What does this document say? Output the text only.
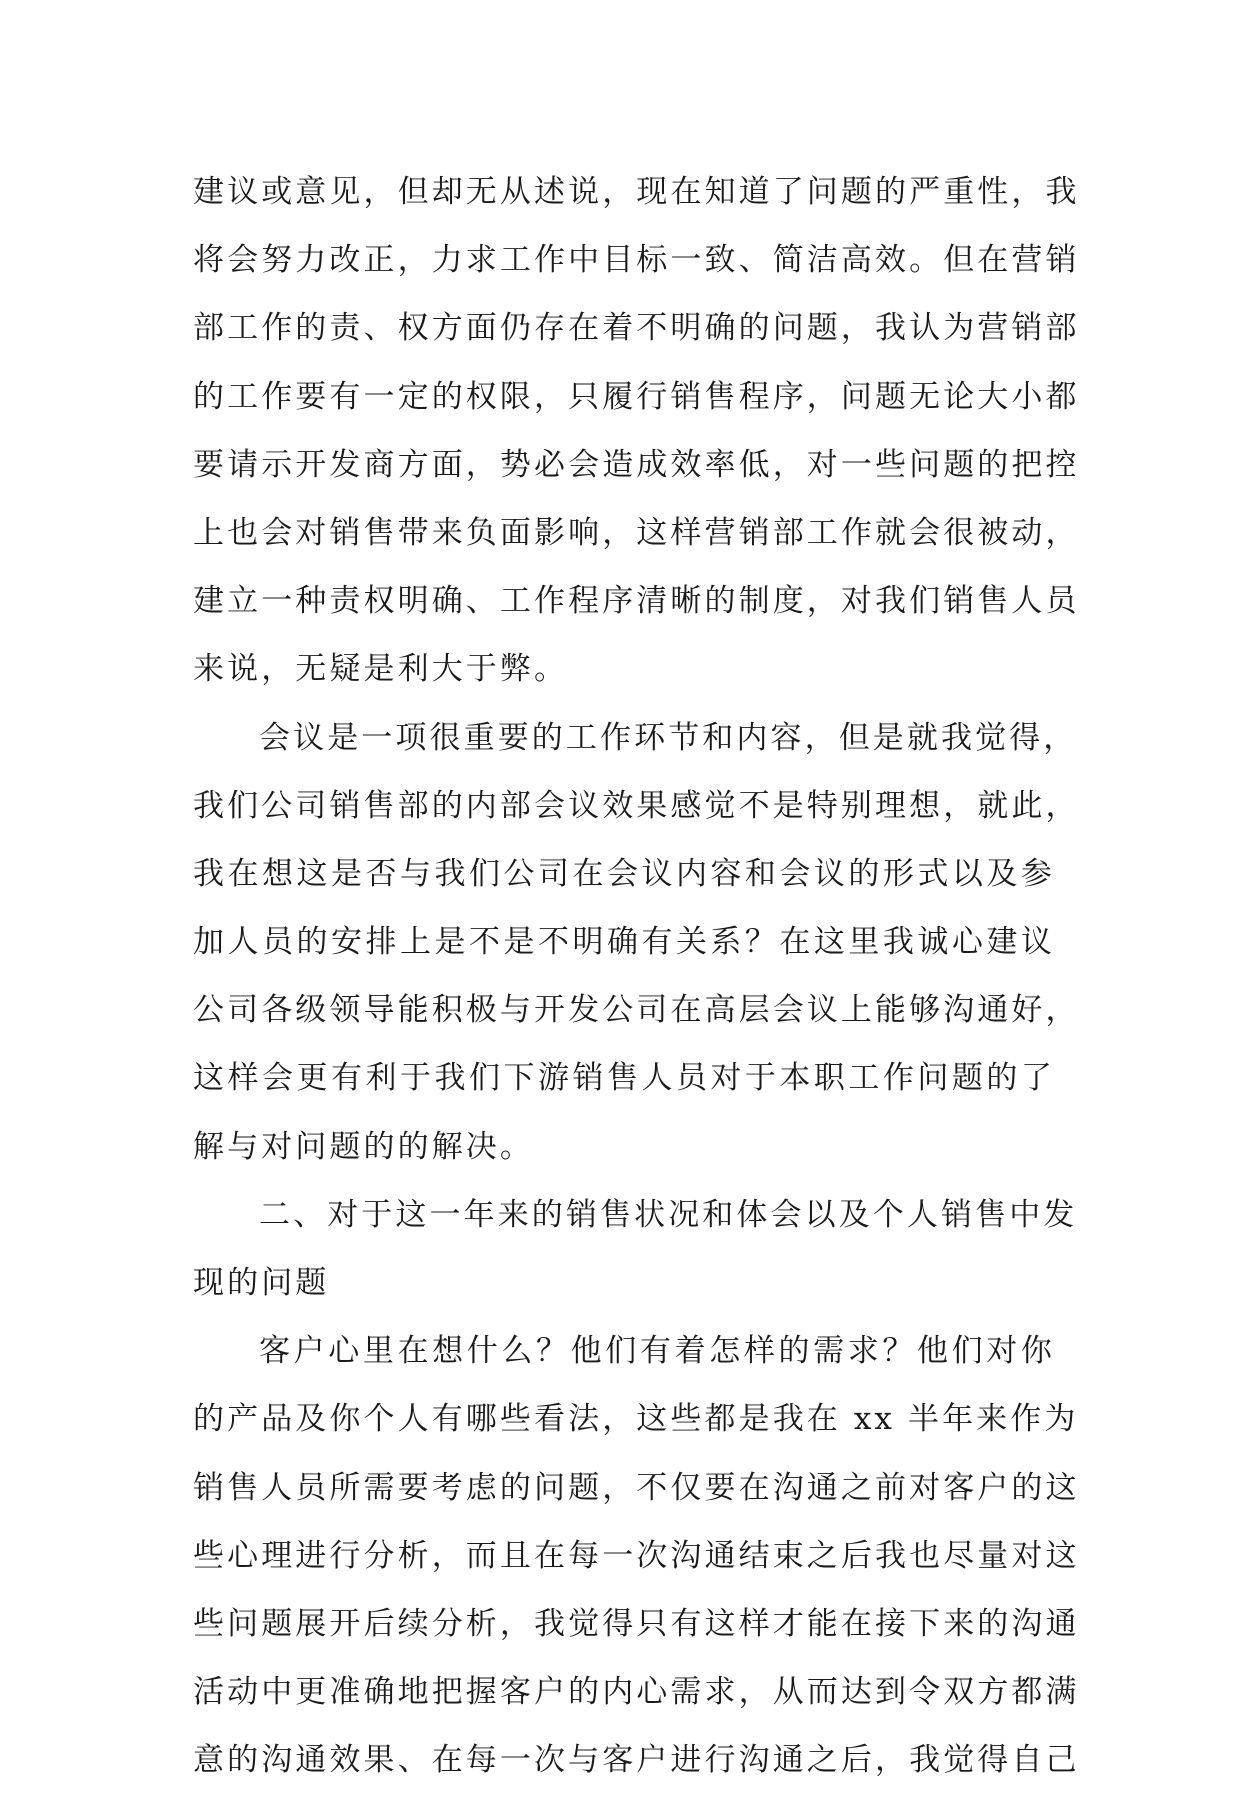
建议或意见，但却无从述说，现在知道了问题的严重性，我
将会努力改正，力求工作中目标一致、简洁高效。但在营销
部工作的责、权方面仍存在着不明确的问题，我认为营销部
的工作要有一定的权限，只履行销售程序，问题无论大小都
要请示开发商方面，势必会造成效率低，对一些问题的把控
上也会对销售带来负面影响，这样营销部工作就会很被动，
建立一种责权明确、工作程序清晰的制度，对我们销售人员
来说，无疑是利大于弊。
会议是一项很重要的工作环节和内容，但是就我觉得，
我们公司销售部的内部会议效果感觉不是特别理想，就此，
我在想这是否与我们公司在会议内容和会议的形式以及参
加人员的安排上是不是不明确有关系？在这里我诚心建议
公司各级领导能积极与开发公司在高层会议上能够沟通好，
这样会更有利于我们下游销售人员对于本职工作问题的了
解与对问题的的解决。
二、对于这一年来的销售状况和体会以及个人销售中发
现的问题
客户心里在想什么？他们有着怎样的需求？他们对你
的产品及你个人有哪些看法，这些都是我在 xx 半年来作为
销售人员所需要考虑的问题，不仅要在沟通之前对客户的这
些心理进行分析，而且在每一次沟通结束之后我也尽量对这
些问题展开后续分析，我觉得只有这样才能在接下来的沟通
活动中更准确地把握客户的内心需求，从而达到令双方都满
意的沟通效果、在每一次与客户进行沟通之后，我觉得自己
